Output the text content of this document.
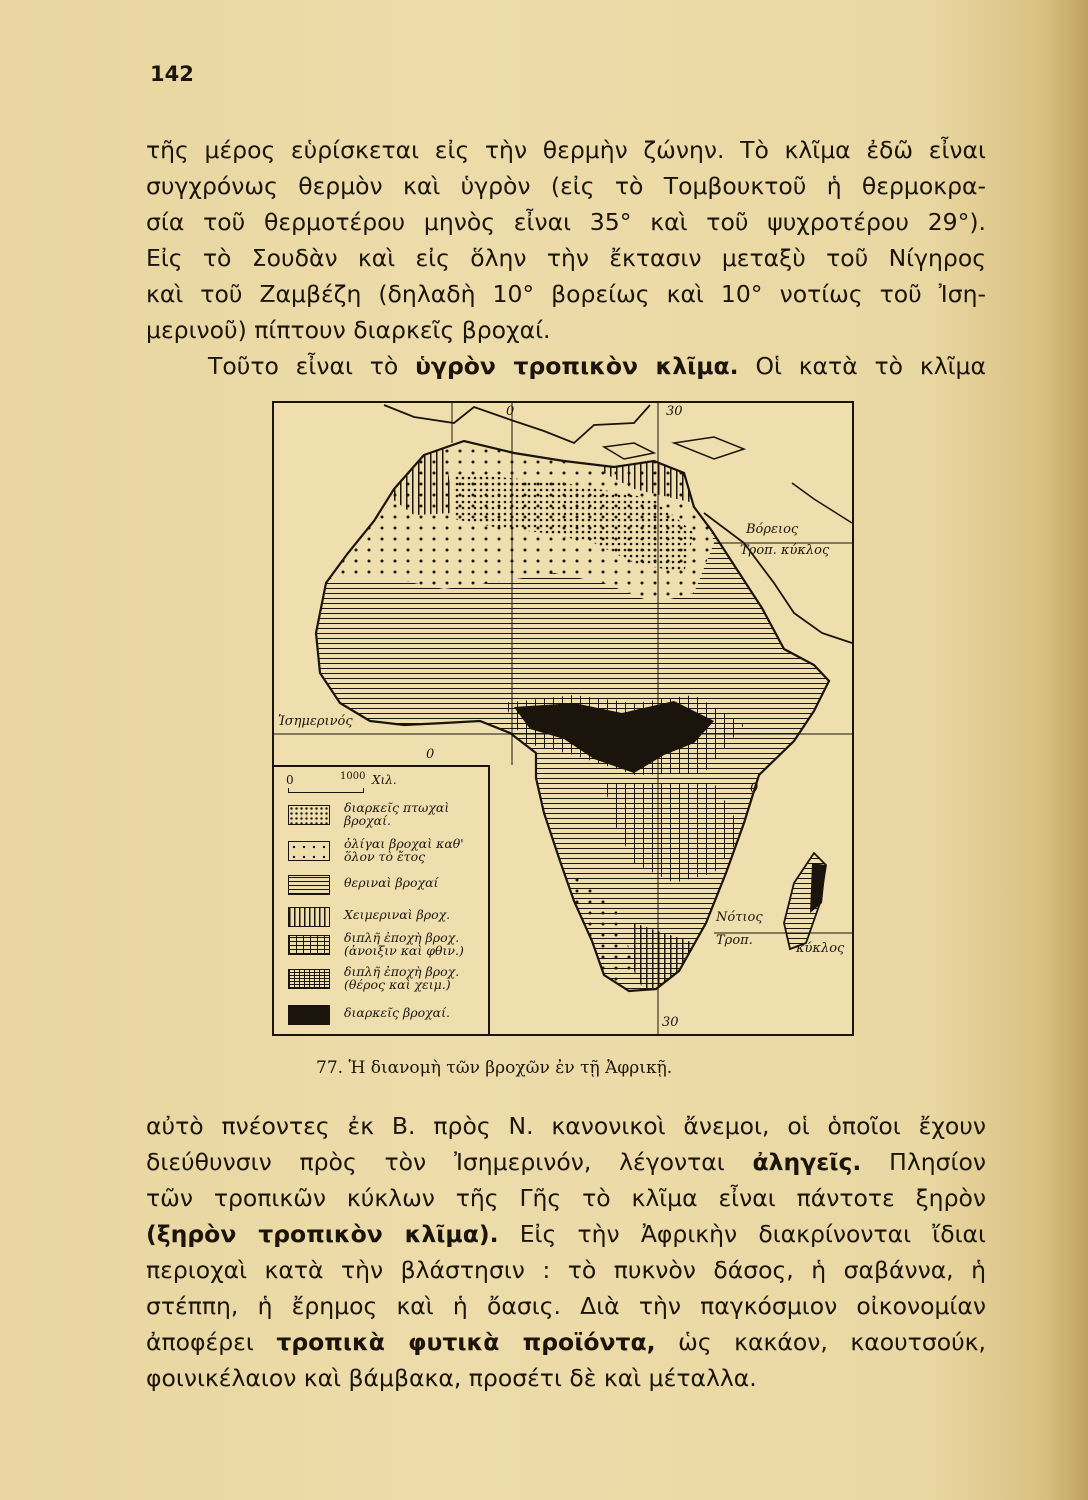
142
τῆς μέρος εὑρίσκεται εἰς τὴν θερμὴν ζώνην. Τὸ κλῖμα ἐδῶ εἶναι
συγχρόνως θερμὸν καὶ ὑγρὸν (εἰς τὸ Τομβουκτοῦ ἡ θερμοκρα-
σία τοῦ θερμοτέρου μηνὸς εἶναι 35° καὶ τοῦ ψυχροτέρου 29°).
Εἰς τὸ Σουδὰν καὶ εἰς ὅλην τὴν ἔκτασιν μεταξὺ τοῦ Νίγηρος
καὶ τοῦ Ζαμβέζη (δηλαδὴ 10° βορείως καὶ 10° νοτίως τοῦ Ἰση-
μερινοῦ) πίπτουν διαρκεῖς βροχαί.
Τοῦτο εἶναι τὸ ὑγρὸν τροπικὸν κλῖμα. Οἱ κατὰ τὸ κλῖμα
0	30
30
0
0
Βόρειος
Τροπ. κύκλος
Ἰσημερινός
Νότιος
Τροπ.
κύκλος
0	1000 Χιλ.
διαρκεῖς πτωχαὶ βροχαί.
ὀλίγαι βροχαὶ καθ' ὅλον τὸ ἔτος
θεριναὶ βροχαί
Χειμεριναὶ βροχ.
διπλῆ ἐποχὴ βροχ. (ἀνοιξιν καὶ φθιν.)
διπλῆ ἐποχὴ βροχ. (θέρος καὶ χειμ.)
διαρκεῖς βροχαί.
77. Ἡ διανομὴ τῶν βροχῶν ἐν τῇ Ἀφρικῇ.
αὐτὸ πνέοντες ἐκ Β. πρὸς Ν. κανονικοὶ ἄνεμοι, οἱ ὁποῖοι ἔχουν
διεύθυνσιν πρὸς τὸν Ἰσημερινόν, λέγονται ἀληγεῖς. Πλησίον
τῶν τροπικῶν κύκλων τῆς Γῆς τὸ κλῖμα εἶναι πάντοτε ξηρὸν
(ξηρὸν τροπικὸν κλῖμα). Εἰς τὴν Ἀφρικὴν διακρίνονται ἴδιαι
περιοχαὶ κατὰ τὴν βλάστησιν : τὸ πυκνὸν δάσος, ἡ σαβάννα, ἡ
στέππη, ἡ ἔρημος καὶ ἡ ὄασις. Διὰ τὴν παγκόσμιον οἰκονομίαν
ἀποφέρει τροπικὰ φυτικὰ προϊόντα, ὡς κακάον, καουτσούκ,
φοινικέλαιον καὶ βάμβακα, προσέτι δὲ καὶ μέταλλα.
